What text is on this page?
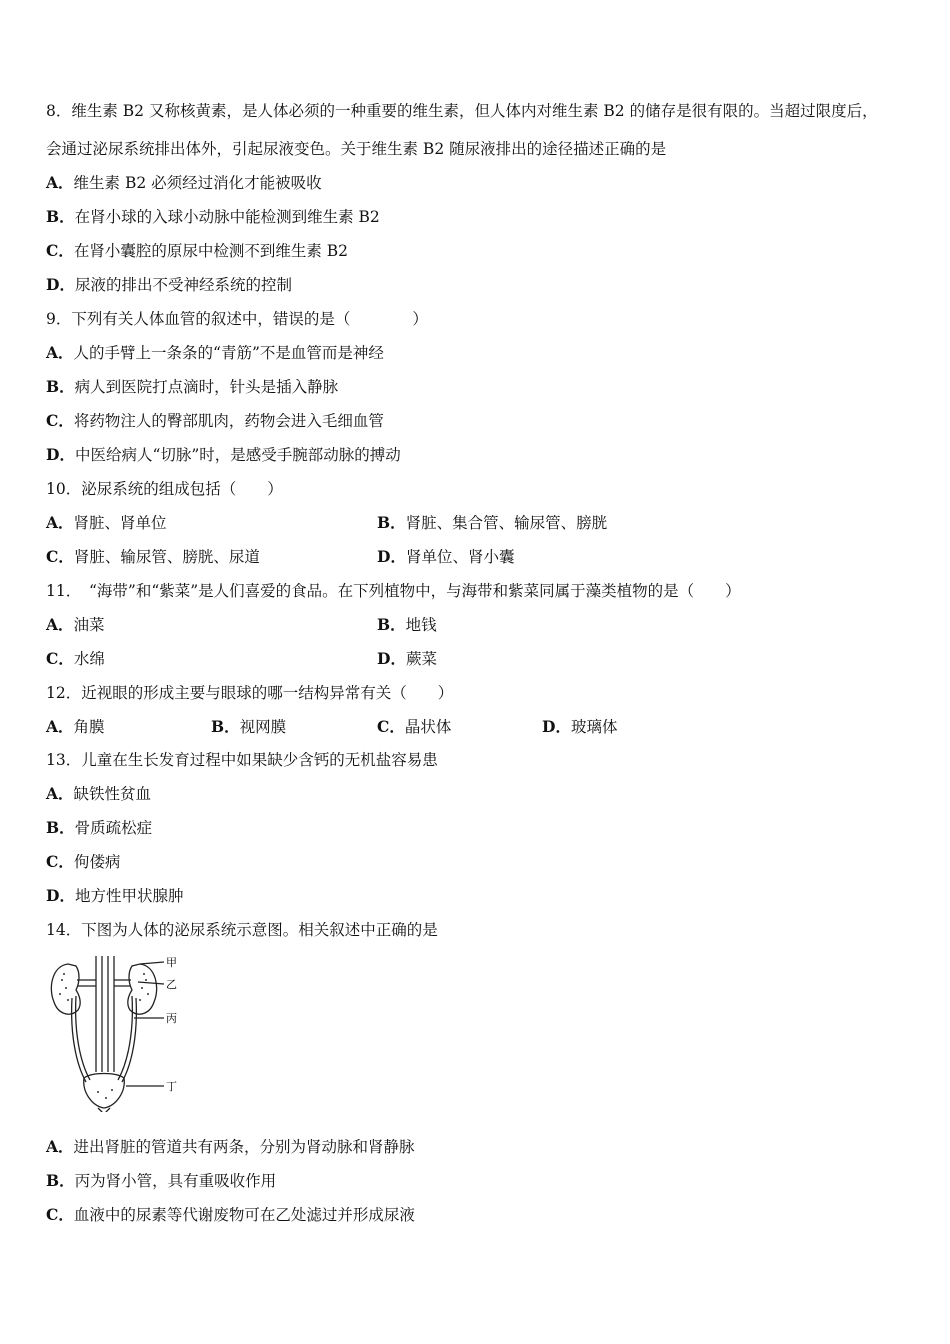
8．维生素 B2 又称核黄素，是人体必须的一种重要的维生素，但人体内对维生素 B2 的储存是很有限的。当超过限度后，
会通过泌尿系统排出体外，引起尿液变色。关于维生素 B2 随尿液排出的途径描述正确的是
A．维生素 B2 必须经过消化才能被吸收
B．在肾小球的入球小动脉中能检测到维生素 B2
C．在肾小囊腔的原尿中检测不到维生素 B2
D．尿液的排出不受神经系统的控制
9．下列有关人体血管的叙述中，错误的是（　　　　）
A．人的手臂上一条条的“青筋”不是血管而是神经
B．病人到医院打点滴时，针头是插入静脉
C．将药物注人的臀部肌肉，药物会进入毛细血管
D．中医给病人“切脉”时，是感受手腕部动脉的搏动
10．泌尿系统的组成包括（　　）
A．肾脏、肾单位	B．肾脏、集合管、输尿管、膀胱
C．肾脏、输尿管、膀胱、尿道	D．肾单位、肾小囊
11．　“海带”和“紫菜”是人们喜爱的食品。在下列植物中，与海带和紫菜同属于藻类植物的是（　　）
A．油菜	B．地钱
C．水绵	D．蕨菜
12．近视眼的形成主要与眼球的哪一结构异常有关（　　）
A．角膜	B．视网膜	C．晶状体	D．玻璃体
13．儿童在生长发育过程中如果缺少含钙的无机盐容易患
A．缺铁性贫血
B．骨质疏松症
C．佝偻病
D．地方性甲状腺肿
14．下图为人体的泌尿系统示意图。相关叙述中正确的是
甲
乙
丙
丁
A．进出肾脏的管道共有两条，分别为肾动脉和肾静脉
B．丙为肾小管，具有重吸收作用
C．血液中的尿素等代谢废物可在乙处滤过并形成尿液
